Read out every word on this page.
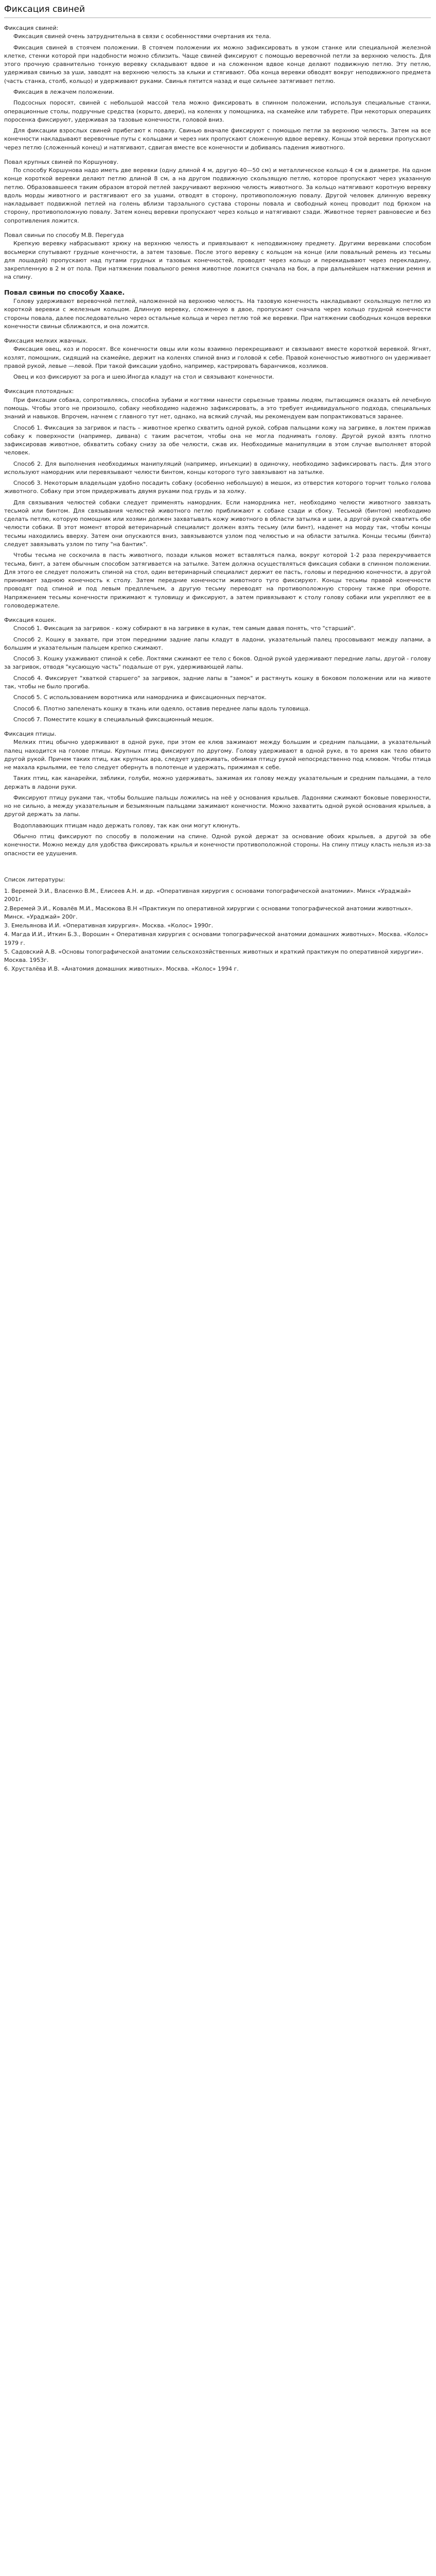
Фиксация свиней
Фиксация свиней:

Фиксация свиней очень затруднительна в связи с особенностями очертания их тела.

Фиксация свиней в стоячем положении. В стоячем положении их можно зафиксировать в узком станке или специальной железной клетке, стенки которой при надобности можно сблизить. Чаще свиней фиксируют с помощью веревочной петли за верхнюю челюсть. Для этого прочную сравнительно тонкую веревку складывают вдвое и на сложенном вдвое конце делают подвижную петлю. Эту петлю, удерживая свинью за уши, заводят на верхнюю челюсть за клыки и стягивают. Оба конца веревки обводят вокруг неподвижного предмета (часть станка, столб, кольцо) и удерживают руками. Свинья пятится назад и еще сильнее затягивает петлю.

Фиксация в лежачем положении.

Подсосных поросят, свиней с небольшой массой тела можно фиксировать в спинном положении, используя специальные станки, операционные столы, подручные средства (корыто, двери), на коленях у помощника, на скамейке или табурете. При некоторых операциях поросенка фиксируют, удерживая за тазовые конечности, головой вниз.

Для фиксации взрослых свиней прибегают к повалу. Свинью вначале фиксируют с помощью петли за верхнюю челюсть. Затем на все конечности накладывают веревочные путы с кольцами и через них пропускают сложенную вдвое веревку. Концы этой веревки пропускают через петлю (сложенный конец) и натягивают, сдвигая вместе все конечности и добиваясь падения животного.

Повал крупных свиней по Коршунову.

По способу Коршунова надо иметь две веревки (одну длиной 4 м, другую 40—50 см) и металлическое кольцо 4 см в диаметре. На одном конце короткой веревки делают петлю длиной 8 см, а на другом подвижную скользящую петлю, которое пропускают через указанную петлю. Образовавшееся таким образом второй петлей закручивают верхнюю челюсть животного. За кольцо натягивают коротную веревку вдоль морды животного и растягивают его за ушами, отводят в сторону, противоположную повалу. Другой человек длинную веревку накладывает подвижной петлей на голень вблизи тарзального сустава стороны повала и свободный конец проводит под брюхом на сторону, противоположную повалу. Затем конец веревки пропускают через кольцо и натягивают сзади. Животное теряет равновесие и без сопротивления ложится.

Повал свиньи по способу М.В. Перегуда

Крепкую веревку набрасывают хрюку на верхнюю челюсть и привязывают к неподвижному предмету. Другими веревками способом восьмерки спутывают грудные конечности, а затем тазовые. После этого веревку с кольцом на конце (или повальный ремень из тесьмы для лошадей) пропускают над путами грудных и тазовых конечностей, проводят через кольцо и перекидывают через перекладину, закрепленную в 2 м от пола. При натяжении повального ремня животное ложится сначала на бок, а при дальнейшем натяжении ремня и на спину.

Повал свиньи по способу Хааке.

Голову удерживают веревочной петлей, наложенной на верхнюю челюсть. На тазовую конечность накладывают скользящую петлю из короткой веревки с железным кольцом. Длинную веревку, сложенную в двое, пропускают сначала через кольцо грудной конечности стороны повала, далее последовательно через остальные кольца и через петлю той же веревки. При натяжении свободных концов веревки конечности свиньи сближаются, и она ложится.

Фиксация мелких жвачных.

Фиксация овец, коз и поросят. Все конечности овцы или козы взаимно перекрещивают и связывают вместе короткой веревкой. Ягнят, козлят, помощник, сидящий на скамейке, держит на коленях спиной вниз и головой к себе. Правой конечностью животного он удерживает правой рукой, левые —левой. При такой фиксации удобно, например, кастрировать баранчиков, козликов.

Овец и коз фиксируют за рога и шею.Иногда кладут на стол и связывают конечности.

Фиксация плотоядных:

При фиксации собака, сопротивляясь, способна зубами и когтями нанести серьезные травмы людям, пытающимся оказать ей лечебную помощь. Чтобы этого не произошло, собаку необходимо надежно зафиксировать, а это требует индивидуального подхода, специальных знаний и навыков. Впрочем, начнем с главного тут нет, однако, на всякий случай, мы рекомендуем вам попрактиковаться заранее.

Способ 1. Фиксация за загривок и пасть – животное крепко схватить одной рукой, собрав пальцами кожу на загривке, в локтем прижав собаку к поверхности (например, дивана) с таким расчетом, чтобы она не могла поднимать голову. Другой рукой взять плотно зафиксировав животное, обхватить собаку снизу за обе челюсти, сжав их. Необходимые манипуляции в этом случае выполняет второй человек.

Способ 2. Для выполнения необходимых манипуляций (например, инъекции) в одиночку, необходимо зафиксировать пасть. Для этого используют намордник или перевязывают челюсти бинтом, концы которого туго завязывают на затылке.

Способ 3. Некоторым владельцам удобно посадить собаку (особенно небольшую) в мешок, из отверстия которого торчит только голова животного. Собаку при этом придерживать двумя руками под грудь и за холку.

Для связывания челюстей собаки следует применять намордник. Если намордника нет, необходимо челюсти животного завязать тесьмой или бинтом. Для связывания челюстей животного петлю приближают к собаке сзади и сбоку. Тесьмой (бинтом) необходимо сделать петлю, которую помощник или хозяин должен захватывать кожу животного в области затылка и шеи, а другой рукой схватить обе челюсти собаки. В этот момент второй ветеринарный специалист должен взять тесьму (или бинт), наденет на морду так, чтобы концы тесьмы находились вверху. Затем они опускаются вниз, завязываются узлом под челюстью и на области затылка. Концы тесьмы (бинта) следует завязывать узлом по типу "на бантик".

Чтобы тесьма не соскочила в пасть животного, позади клыков может вставляться палка, вокруг которой 1-2 раза перекручивается тесьма, бинт, а затем обычным способом затягивается на затылке. Затем должна осуществляться фиксация собаки в спинном положении. Для этого ее следует положить спиной на стол, один ветеринарный специалист держит ее пасть, головы и переднюю конечности, а другой принимает заднюю конечность к столу. Затем передние конечности животного туго фиксируют. Концы тесьмы правой конечности проводят под спиной и под левым предплечьем, а другую тесьму переводят на противоположную сторону также при обороте. Напряжением тесьмы конечности прижимают к туловищу и фиксируют, а затем привязывают к столу голову собаки или укрепляют ее в головодержателе.

Фиксация кошек.

Способ 1. Фиксация за загривок - кожу собирают в на загривке в кулак, тем самым давая понять, что "старший".

Способ 2. Кошку в захвате, при этом передними задние лапы кладут в ладони, указательный палец просовывают между лапами, а большим и указательным пальцем крепко сжимают.

Способ 3. Кошку ухаживают спиной к себе. Локтями сжимают ее тело с боков. Одной рукой удерживают передние лапы, другой - голову за загривок, отводя "кусающую часть" подальше от рук, удерживающей лапы.

Способ 4. Фиксирует "хваткой старшего" за загривок, задние лапы в "замок" и растянуть кошку в боковом положении или на животе так, чтобы не было прогиба.

Способ 5. С использованием воротника или намордника и фиксационных перчаток.

Способ 6. Плотно запеленать кошку в ткань или одеяло, оставив переднее лапы вдоль туловища.

Способ 7. Поместите кошку в специальный фиксационный мешок.

Фиксация птицы.

Мелких птиц обычно удерживают в одной руке, при этом ее клюв зажимают между большим и средним пальцами, а указательный палец находится на голове птицы. Крупных птиц фиксируют по другому. Голову удерживают в одной руке, в то время как тело обвито другой рукой. Причем таких птиц, как крупных ара, следует удерживать, обнимая птицу рукой непосредственно под клювом. Чтобы птица не махала крыльями, ее тело следует обернуть в полотенце и удержать, прижимая к себе.

Таких птиц, как канарейки, зяблики, голуби, можно удерживать, зажимая их голову между указательным и средним пальцами, а тело держать в ладони руки.

Фиксируют птицу руками так, чтобы большие пальцы ложились на неё у основания крыльев. Ладонями сжимают боковые поверхности, но не сильно, а между указательным и безымянным пальцами зажимают конечности. Можно захватить одной рукой основания крыльев, а другой держать за лапы.

Водоплавающих птицам надо держать голову, так как они могут клюнуть.

Обычно птиц фиксируют по способу в положении на спине. Одной рукой держат за основание обоих крыльев, а другой за обе конечности. Можно между для удобства фиксировать крылья и конечности противоположной стороны. На спину птицу класть нельзя из-за опасности ее удушения.

Список литературы:
1. Веремей Э.И., Власенко В.М., Елисеев А.Н. и др. «Оперативная хирургия с основами топографической анатомии». Минск «Ураджай» 2001г.
2.Веремей Э.И., Ковалёв М.И., Масюкова В.Н «Практикум по оперативной хирургии с основами топографической анатомии животных». Минск. «Ураджай» 200г.
3. Емельянова И.И. «Оперативная хирургия». Москва. «Колос» 1990г.
4. Магда И.И., Иткин Б.З., Ворошин « Оперативная хирургия с основами топографической анатомии домашних животных». Москва. «Колос» 1979 г.
5. Садовский А.В. «Основы топографической анатомии сельскохозяйственных животных и краткий практикум по оперативной хирургии». Москва. 1953г.
6. Хрусталёва И.В. «Анатомия домашних животных». Москва. «Колос» 1994 г.
